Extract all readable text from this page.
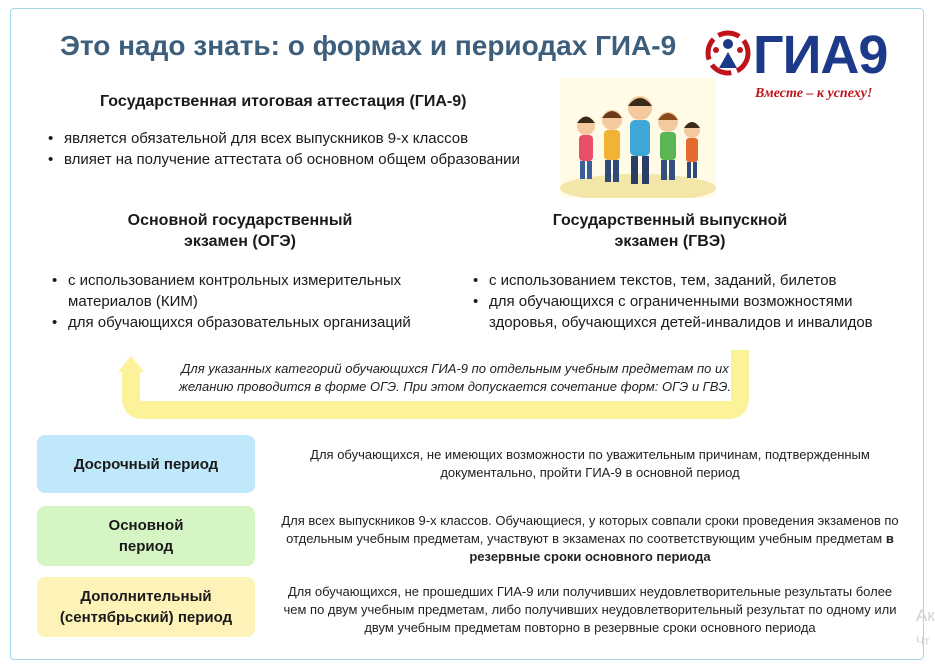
Это надо знать: о формах и периодах ГИА-9 ГИА9
Вместе – к успеху!
Государственная итоговая аттестация (ГИА-9)
• является обязательной для всех выпускников 9-х классов
• влияет на получение аттестата об основном общем образовании
Основной государственный
экзамен (ОГЭ)
Государственный выпускной
экзамен (ГВЭ)
• с использованием контрольных измерительных материалов (КИМ)
• для обучающихся образовательных организаций
• с использованием текстов, тем, заданий, билетов
• для обучающихся с ограниченными возможностями здоровья, обучающихся детей-инвалидов и инвалидов
Для указанных категорий обучающихся ГИА-9 по отдельным учебным предметам по их
желанию проводится в форме ОГЭ. При этом допускается сочетание форм: ОГЭ и ГВЭ.
Досрочный период
Для обучающихся, не имеющих возможности по уважительным причинам, подтвержденным документально, пройти ГИА-9 в основной период
Основной
период
Для всех выпускников 9-х классов. Обучающиеся, у которых совпали сроки проведения экзаменов по отдельным учебным предметам, участвуют в экзаменах по соответствующим учебным предметам в резервные сроки основного периода
Дополнительный
(сентябрьский) период
Для обучающихся, не прошедших ГИА-9 или получивших неудовлетворительные результаты более чем по двум учебным предметам, либо получивших неудовлетворительный результат по одному или двум учебным предметам повторно в резервные сроки основного периода
Ак
Чт
